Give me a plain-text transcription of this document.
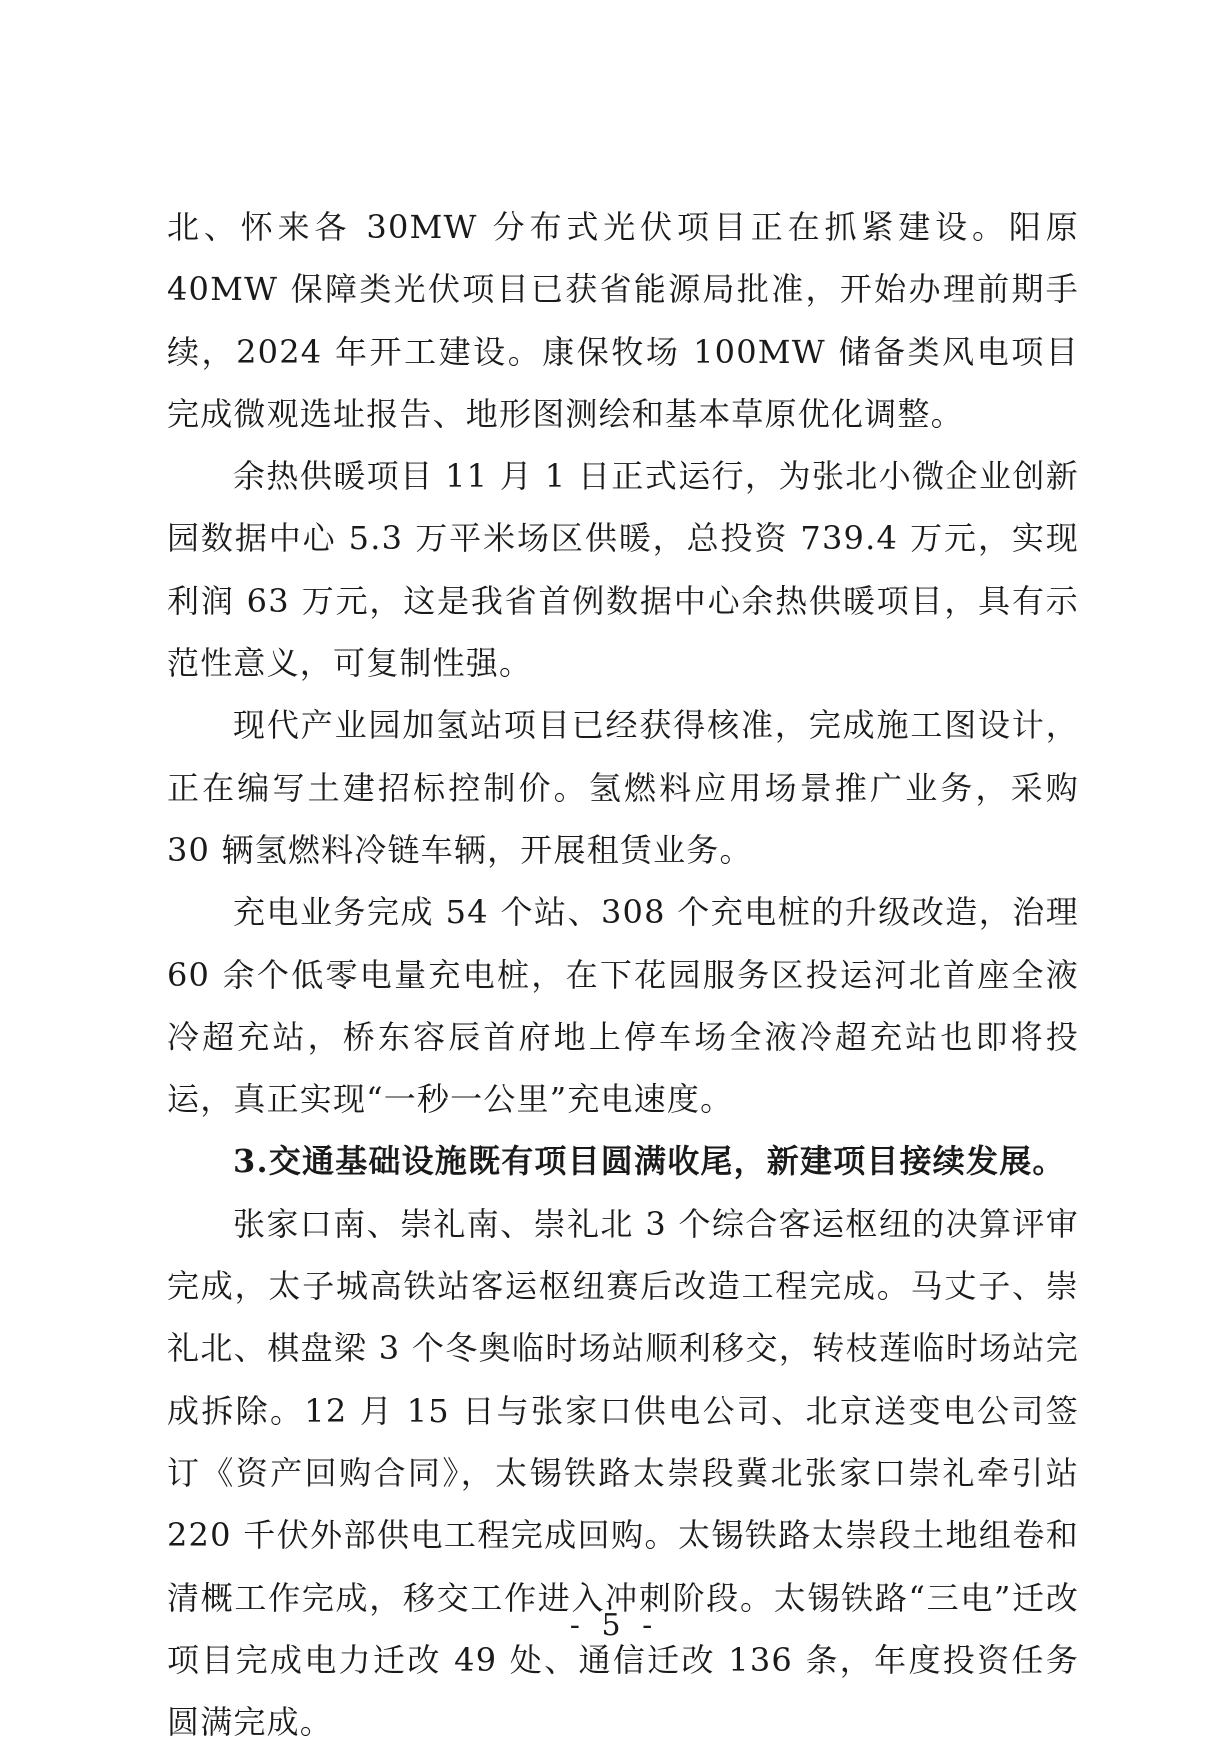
北、怀来各 30MW 分布式光伏项目正在抓紧建设。阳原 40MW 保障类光伏项目已获省能源局批准，开始办理前期手续，2024 年开工建设。康保牧场 100MW 储备类风电项目完成微观选址报告、地形图测绘和基本草原优化调整。

余热供暖项目 11 月 1 日正式运行，为张北小微企业创新园数据中心 5.3 万平米场区供暖，总投资 739.4 万元，实现利润 63 万元，这是我省首例数据中心余热供暖项目，具有示范性意义，可复制性强。

现代产业园加氢站项目已经获得核准，完成施工图设计，正在编写土建招标控制价。氢燃料应用场景推广业务，采购 30 辆氢燃料冷链车辆，开展租赁业务。

充电业务完成 54 个站、308 个充电桩的升级改造，治理 60 余个低零电量充电桩，在下花园服务区投运河北首座全液冷超充站，桥东容辰首府地上停车场全液冷超充站也即将投运，真正实现“一秒一公里”充电速度。

3.交通基础设施既有项目圆满收尾，新建项目接续发展。

张家口南、崇礼南、崇礼北 3 个综合客运枢纽的决算评审完成，太子城高铁站客运枢纽赛后改造工程完成。马丈子、崇礼北、棋盘梁 3 个冬奥临时场站顺利移交，转枝莲临时场站完成拆除。12 月 15 日与张家口供电公司、北京送变电公司签订《资产回购合同》，太锡铁路太崇段冀北张家口崇礼牵引站 220 千伏外部供电工程完成回购。太锡铁路太崇段土地组卷和清概工作完成，移交工作进入冲刺阶段。太锡铁路“三电”迁改项目完成电力迁改 49 处、通信迁改 136 条，年度投资任务圆满完成。

- 5 -
